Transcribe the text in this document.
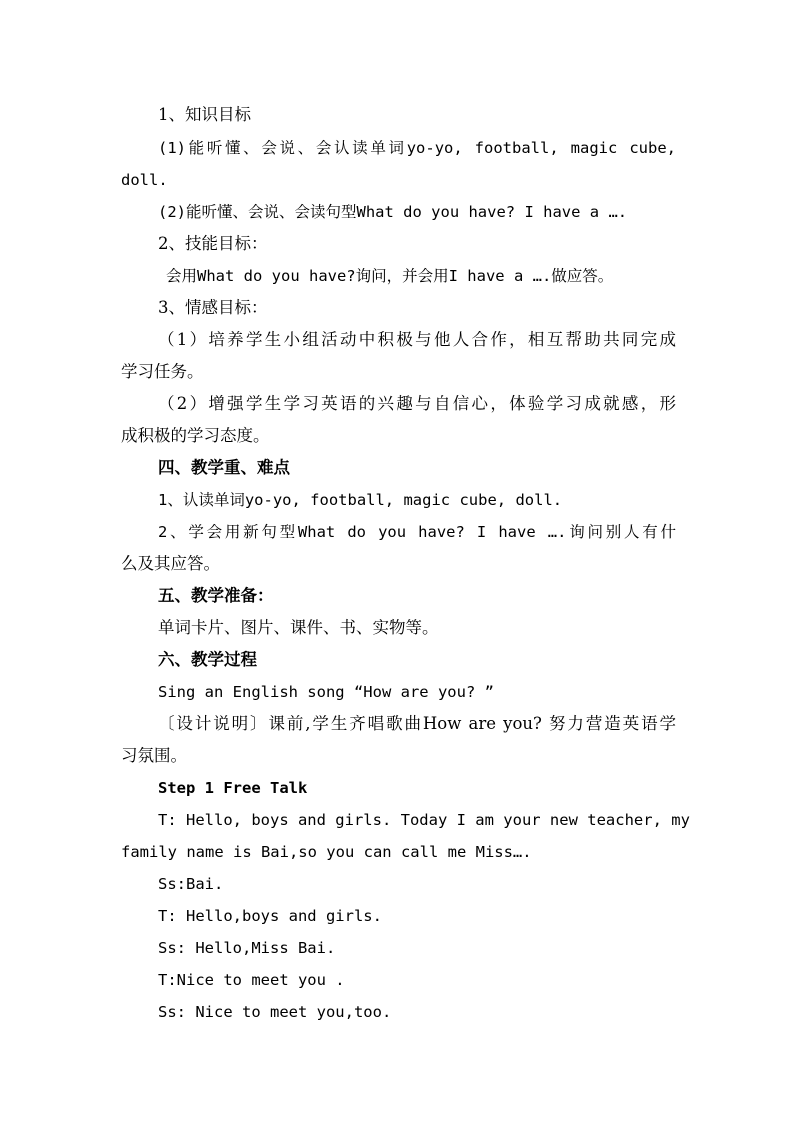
1、知识目标
(1)能听懂、会说、会认读单词yo-yo, football, magic cube,
doll.
(2)能听懂、会说、会读句型What do you have? I have a ….
2、技能目标：
会用What do you have?询问，并会用I have a ….做应答。
3、情感目标：
（1）培养学生小组活动中积极与他人合作，相互帮助共同完成
学习任务。
（2）增强学生学习英语的兴趣与自信心，体验学习成就感，形
成积极的学习态度。
四、教学重、难点
1、认读单词yo-yo, football, magic cube, doll.
2、学会用新句型What do you have? I have ….询问别人有什
么及其应答。
五、教学准备：
单词卡片、图片、课件、书、实物等。
六、教学过程
Sing an English song “How are you? ”
〔设计说明〕课前,学生齐唱歌曲How are you? 努力营造英语学
习氛围。
Step 1 Free Talk
T: Hello, boys and girls. Today I am your new teacher, my
family name is Bai,so you can call me Miss….
Ss:Bai.
T: Hello,boys and girls.
Ss: Hello,Miss Bai.
T:Nice to meet you .
Ss: Nice to meet you,too.
